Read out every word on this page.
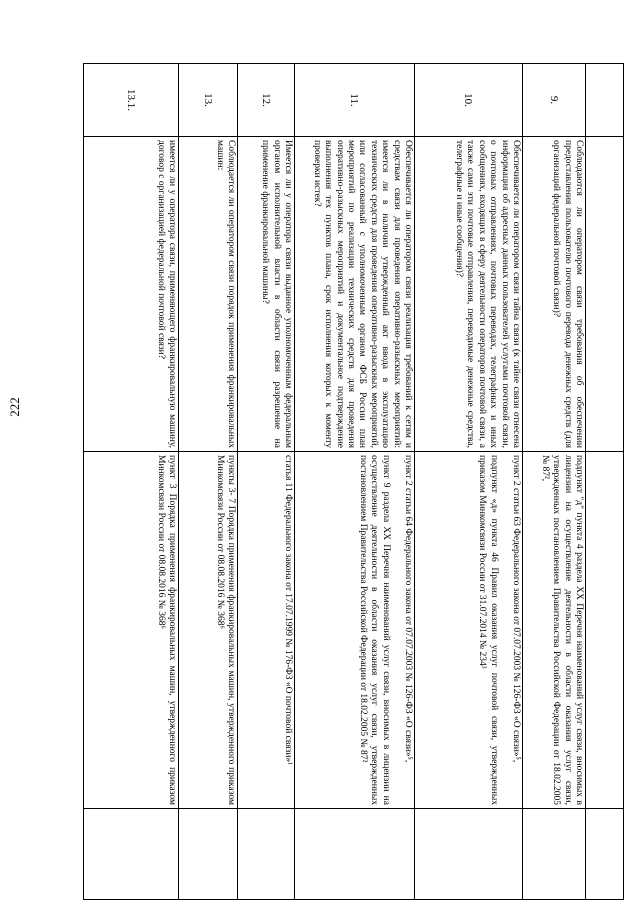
222
9.
Соблюдаются ли оператором связи требования об обеспечении предоставления пользователю почтового перевода денежных средств (для организаций федеральной почтовой связи)?

подпункт "д" пункта 4 раздела XX Перечня наименований услуг связи, вносимых в лицензии на осуществление деятельности в области оказания услуг связи, утвержденных постановлением Правительства Российской Федерации от 18.02.2005 № 87²,

10.
Обеспечивается ли оператором связи тайна связи (к тайне связи отнесена информация об адресных данных пользователей услугами почтовой связи, о почтовых отправлениях, почтовых переводах, телеграфных и иных сообщениях, входящих в сферу деятельности операторов почтовой связи, а также сами эти почтовые отправления, переводимые денежные средства, телеграфные и иные сообщения)?

пункт 2 статьи 63 Федерального закона от 07.07.2003 № 126-ФЗ «О связи»⁵,

подпункт «д» пункта 46 Правил оказания услуг почтовой связи, утвержденных приказом Минкомсвязи России от 31.07.2014 № 234³

11.
Обеспечивается ли оператором связи реализация требований к сетям и средствам связи для проведения оперативно-разыскных мероприятий: имеется ли в наличии утвержденный акт ввода в эксплуатацию технических средств для проведения оперативно-разыскных мероприятий, или согласованный с уполномоченным органом ФСБ России план мероприятий по реализации технических средств для проведения оперативно-разыскных мероприятий и документальное подтверждение выполнения тех пунктов плана, срок исполнения которых к моменту проверки истек?

пункт 2 статьи 64 Федерального закона от 07.07.2003 № 126-ФЗ «О связи»⁵,

пункт 9 раздела XX Перечня наименований услуг связи, вносимых в лицензии на осуществление деятельности в области оказания услуг связи, утвержденных постановлением Правительства Российской Федерации от 18.02.2005 № 87²

12.
Имеется ли у оператора связи выданное уполномоченным федеральным органом исполнительной власти в области связи разрешение на применение франкировальной машины?

статья 11 Федерального закона от 17.07.1999 № 176-ФЗ «О почтовой связи»¹

13.
Соблюдается ли оператором связи порядок применения франкировальных машин:

пункты 3- 7 Порядка применения франкировальных машин, утвержденного приказом Минкомсвязи России от 08.08.2016 № 368⁶

13.1.
имеется ли у оператора связи, применяющего франкировальную машину, договор с организацией федеральной почтовой связи?

пункт 3 Порядка применения франкировальных машин, утвержденного приказом Минкомсвязи России от 08.08.2016 № 368⁶
